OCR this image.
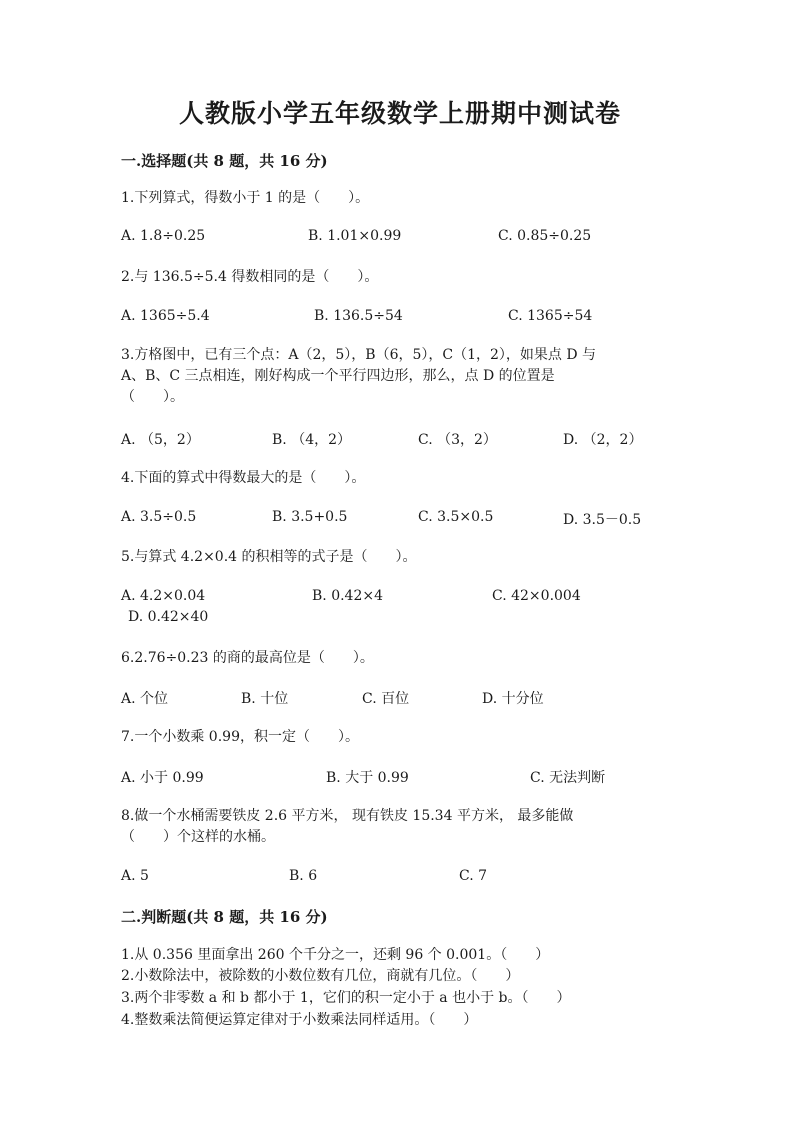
人教版小学五年级数学上册期中测试卷
一.选择题(共 8 题，共 16 分)
1.下列算式，得数小于 1 的是（　　）。
A. 1.8÷0.25	B. 1.01×0.99	C. 0.85÷0.25
2.与 136.5÷5.4 得数相同的是（　　）。
A. 1365÷5.4	B. 136.5÷54	C. 1365÷54
3.方格图中，已有三个点：A（2，5），B（6，5），C（1，2），如果点 D 与
A、B、C 三点相连，刚好构成一个平行四边形，那么，点 D 的位置是
（　　）。
A. （5，2）	B. （4，2）	C. （3，2）	D. （2，2）
4.下面的算式中得数最大的是（　　）。
A. 3.5÷0.5	B. 3.5+0.5	C. 3.5×0.5	D. 3.5－0.5
5.与算式 4.2×0.4 的积相等的式子是（　　）。
A. 4.2×0.04	B. 0.42×4	C. 42×0.004
D. 0.42×40
6.2.76÷0.23 的商的最高位是（　　）。
A. 个位	B. 十位	C. 百位	D. 十分位
7.一个小数乘 0.99，积一定（　　）。
A. 小于 0.99	B. 大于 0.99	C. 无法判断
8.做一个水桶需要铁皮 2.6 平方米， 现有铁皮 15.34 平方米， 最多能做
（　　）个这样的水桶。
A. 5	B. 6	C. 7
二.判断题(共 8 题，共 16 分)
1.从 0.356 里面拿出 260 个千分之一，还剩 96 个 0.001。（　　）
2.小数除法中，被除数的小数位数有几位，商就有几位。（　　）
3.两个非零数 a 和 b 都小于 1，它们的积一定小于 a 也小于 b。（　　）
4.整数乘法简便运算定律对于小数乘法同样适用。（　　）
